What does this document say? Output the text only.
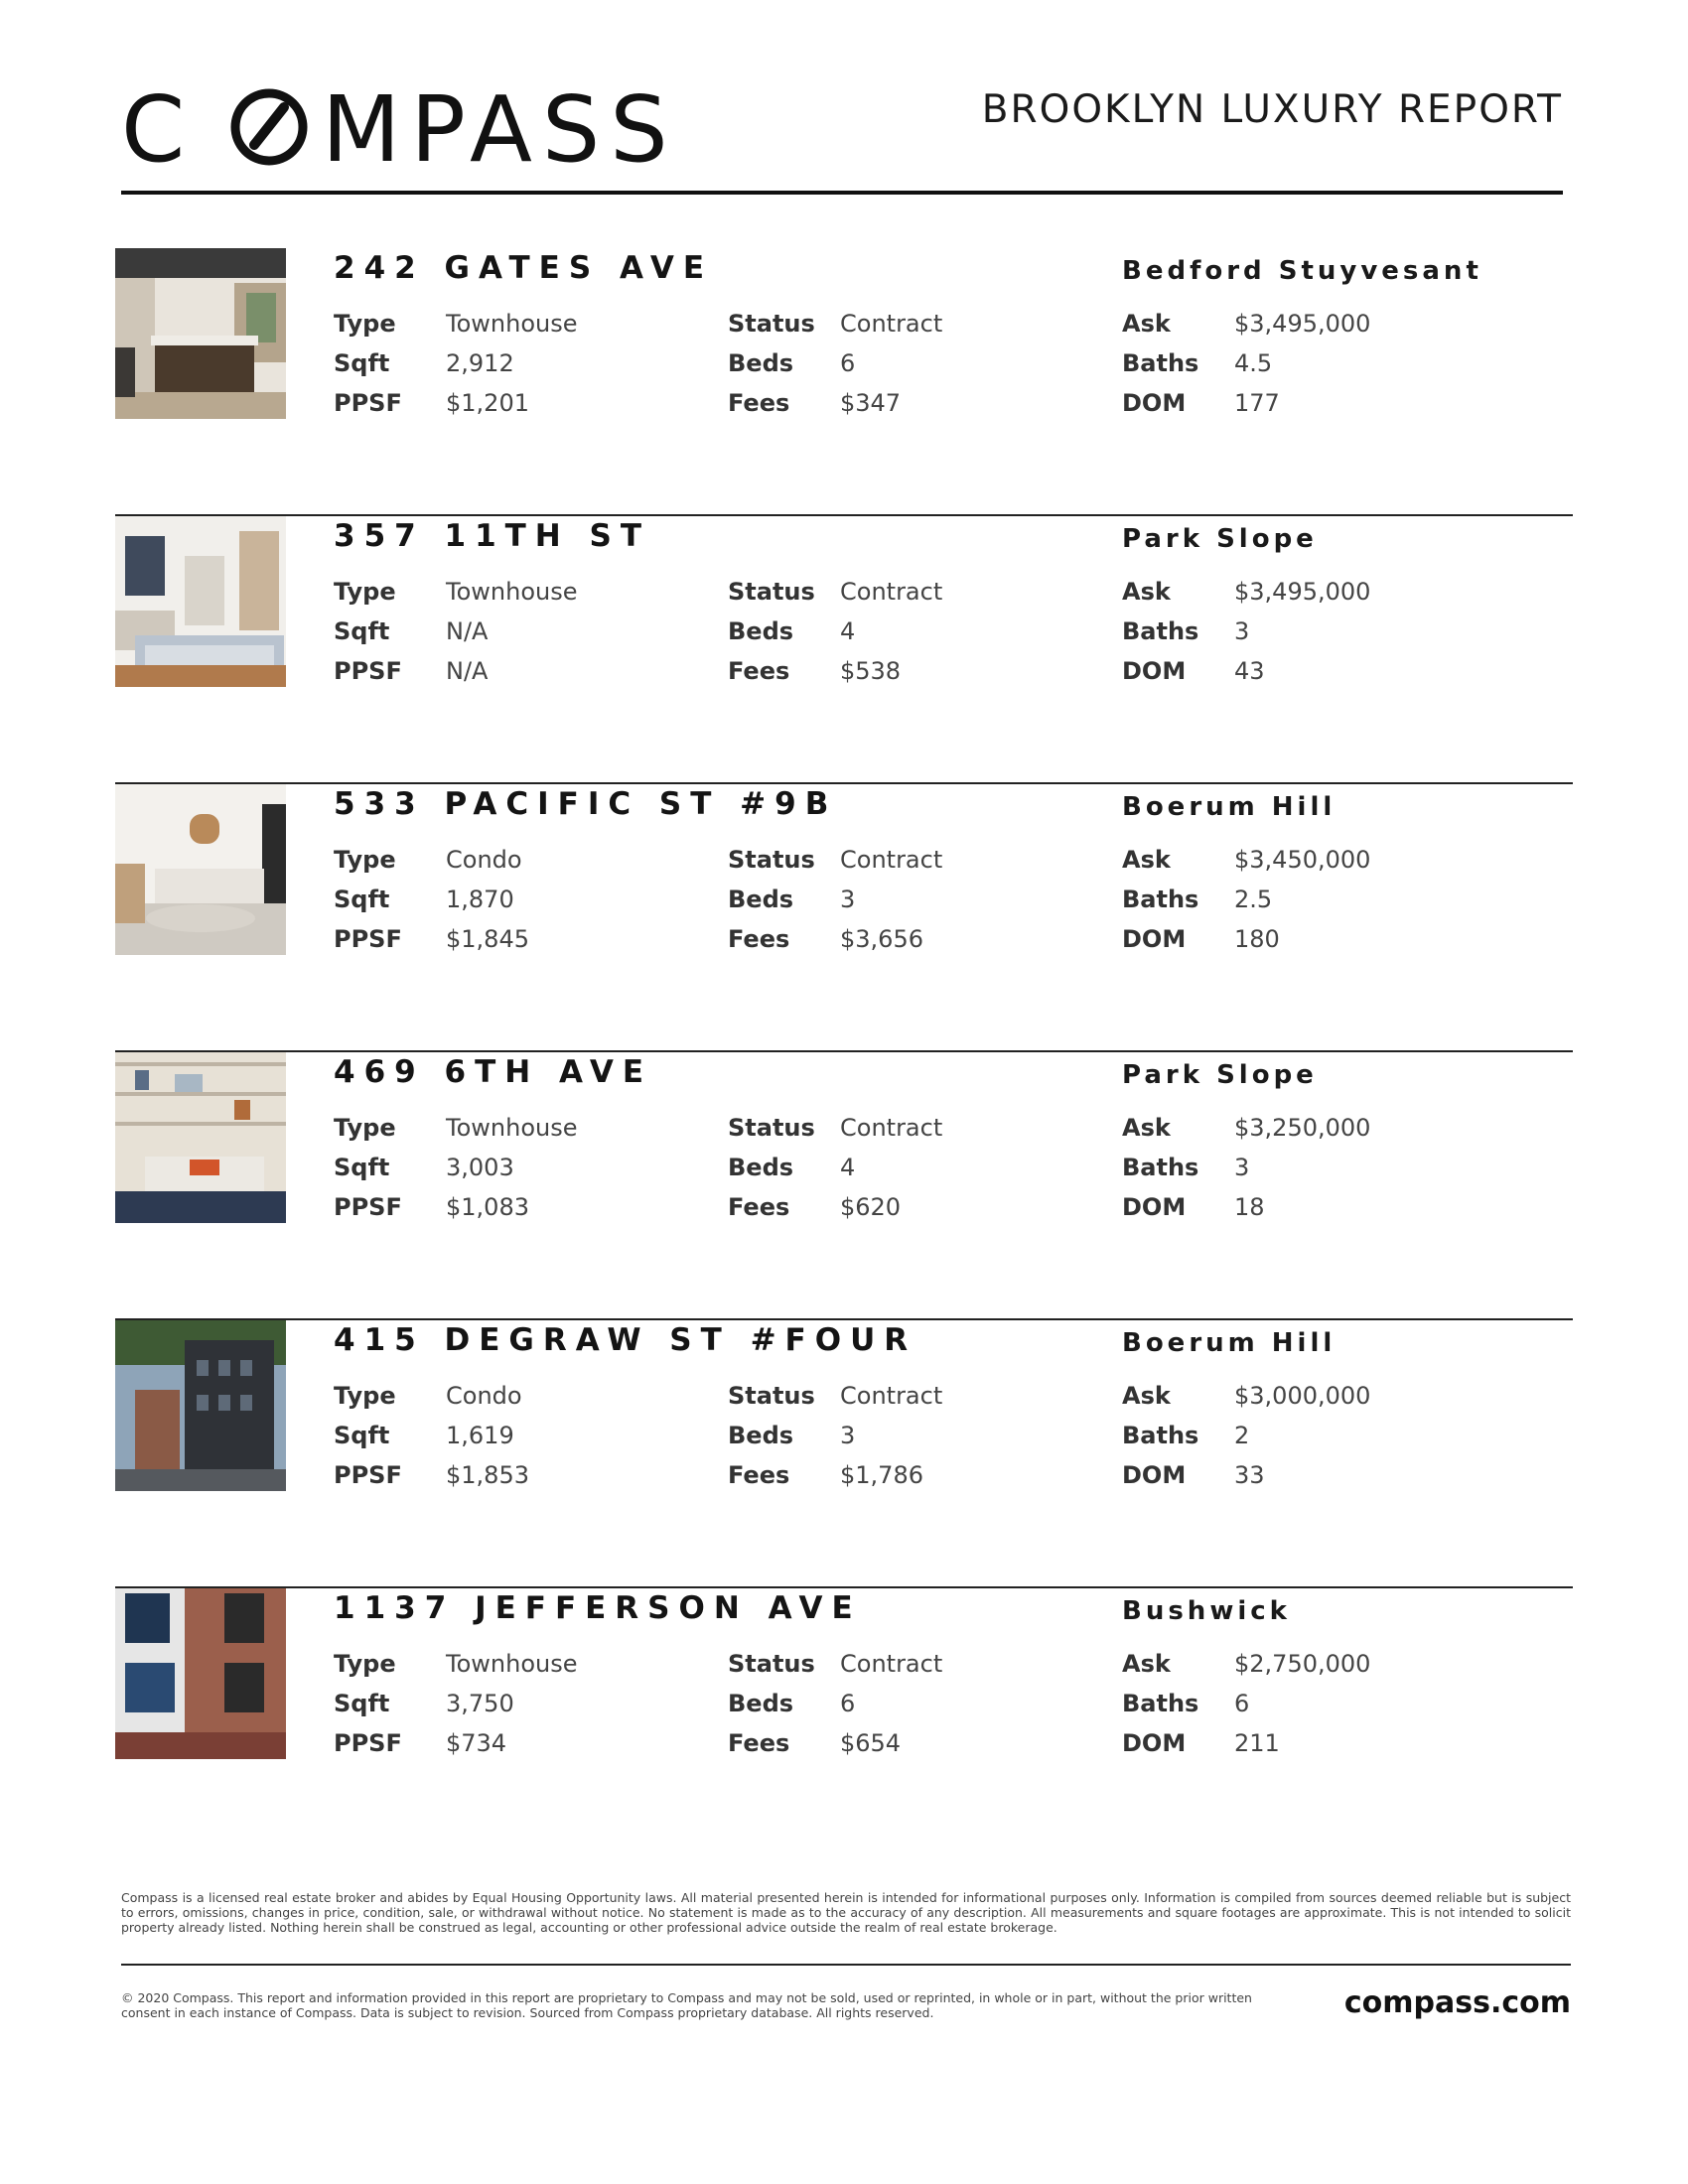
C MPASS	BROOKLYN LUXURY REPORT
242 GATES AVE	Bedford Stuyvesant
Type	Townhouse
Sqft	2,912
PPSF	$1,201
Status	Contract
Beds	6
Fees	$347
Ask	$3,495,000
Baths	4.5
DOM	177
357 11TH ST	Park Slope
Type	Townhouse
Sqft	N/A
PPSF	N/A
Status	Contract
Beds	4
Fees	$538
Ask	$3,495,000
Baths	3
DOM	43
533 PACIFIC ST #9B	Boerum Hill
Type	Condo
Sqft	1,870
PPSF	$1,845
Status	Contract
Beds	3
Fees	$3,656
Ask	$3,450,000
Baths	2.5
DOM	180
469 6TH AVE	Park Slope
Type	Townhouse
Sqft	3,003
PPSF	$1,083
Status	Contract
Beds	4
Fees	$620
Ask	$3,250,000
Baths	3
DOM	18
415 DEGRAW ST #FOUR	Boerum Hill
Type	Condo
Sqft	1,619
PPSF	$1,853
Status	Contract
Beds	3
Fees	$1,786
Ask	$3,000,000
Baths	2
DOM	33
1137 JEFFERSON AVE	Bushwick
Type	Townhouse
Sqft	3,750
PPSF	$734
Status	Contract
Beds	6
Fees	$654
Ask	$2,750,000
Baths	6
DOM	211
Compass is a licensed real estate broker and abides by Equal Housing Opportunity laws. All material presented herein is intended for informational purposes only. Information is compiled from sources deemed reliable but is subject to errors, omissions, changes in price, condition, sale, or withdrawal without notice. No statement is made as to the accuracy of any description. All measurements and square footages are approximate. This is not intended to solicit property already listed. Nothing herein shall be construed as legal, accounting or other professional advice outside the realm of real estate brokerage.
© 2020 Compass. This report and information provided in this report are proprietary to Compass and may not be sold, used or reprinted, in whole or in part, without the prior written consent in each instance of Compass. Data is subject to revision. Sourced from Compass proprietary database. All rights reserved.	compass.com
